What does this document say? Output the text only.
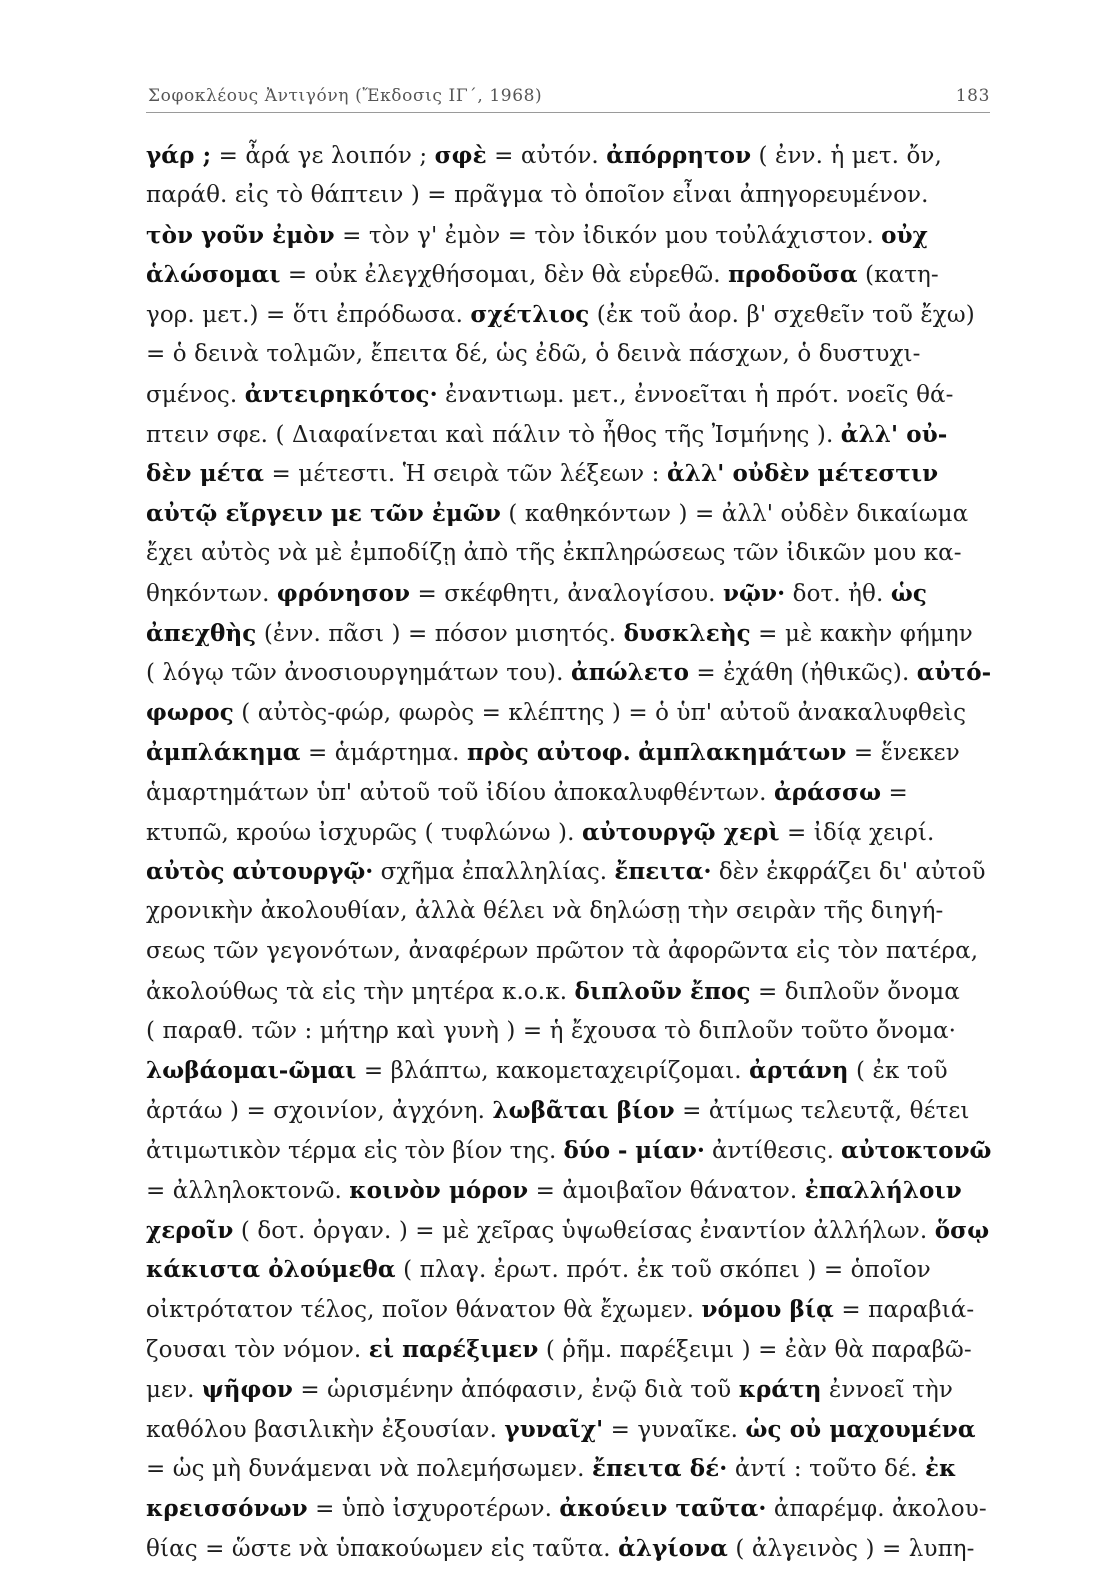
Σοφοκλέους Ἀντιγόνη (Ἔκδοσις ΙΓ΄, 1968)	183
γάρ ; = ἆρά γε λοιπόν ; σφὲ = αὐτόν. ἀπόρρητον ( ἐνν. ἡ μετ. ὄν,
παράθ. εἰς τὸ θάπτειν ) = πρᾶγμα τὸ ὁποῖον εἶναι ἀπηγορευμένον.
τὸν γοῦν ἐμὸν = τὸν γ' ἐμὸν = τὸν ἰδικόν μου τοὐλάχιστον. οὐχ
ἁλώσομαι = οὐκ ἐλεγχθήσομαι, δὲν θὰ εὑρεθῶ. προδοῦσα (κατη-
γορ. μετ.) = ὅτι ἐπρόδωσα. σχέτλιος (ἐκ τοῦ ἀορ. β' σχεθεῖν τοῦ ἔχω)
= ὁ δεινὰ τολμῶν, ἔπειτα δέ, ὡς ἐδῶ, ὁ δεινὰ πάσχων, ὁ δυστυχι-
σμένος. ἀντειρηκότος· ἐναντιωμ. μετ., ἐννοεῖται ἡ πρότ. νοεῖς θά-
πτειν σφε. ( Διαφαίνεται καὶ πάλιν τὸ ἦθος τῆς Ἰσμήνης ). ἀλλ' οὐ-
δὲν μέτα = μέτεστι. Ἡ σειρὰ τῶν λέξεων : ἀλλ' οὐδὲν μέτεστιν
αὐτῷ εἴργειν με τῶν ἐμῶν ( καθηκόντων ) = ἀλλ' οὐδὲν δικαίωμα
ἔχει αὐτὸς νὰ μὲ ἐμποδίζῃ ἀπὸ τῆς ἐκπληρώσεως τῶν ἰδικῶν μου κα-
θηκόντων. φρόνησον = σκέφθητι, ἀναλογίσου. νῷν· δοτ. ἠθ. ὡς
ἀπεχθὴς (ἐνν. πᾶσι ) = πόσον μισητός. δυσκλεὴς = μὲ κακὴν φήμην
( λόγῳ τῶν ἀνοσιουργημάτων του). ἀπώλετο = ἐχάθη (ἠθικῶς). αὐτό-
φωρος ( αὐτὸς-φώρ, φωρὸς = κλέπτης ) = ὁ ὑπ' αὐτοῦ ἀνακαλυφθεὶς
ἀμπλάκημα = ἁμάρτημα. πρὸς αὐτοφ. ἀμπλακημάτων = ἕνεκεν
ἁμαρτημάτων ὑπ' αὐτοῦ τοῦ ἰδίου ἀποκαλυφθέντων. ἀράσσω =
κτυπῶ, κρούω ἰσχυρῶς ( τυφλώνω ). αὐτουργῷ χερὶ = ἰδίᾳ χειρί.
αὐτὸς αὐτουργῷ· σχῆμα ἐπαλληλίας. ἔπειτα· δὲν ἐκφράζει δι' αὐτοῦ
χρονικὴν ἀκολουθίαν, ἀλλὰ θέλει νὰ δηλώσῃ τὴν σειρὰν τῆς διηγή-
σεως τῶν γεγονότων, ἀναφέρων πρῶτον τὰ ἀφορῶντα εἰς τὸν πατέρα,
ἀκολούθως τὰ εἰς τὴν μητέρα κ.ο.κ. διπλοῦν ἔπος = διπλοῦν ὄνομα
( παραθ. τῶν : μήτηρ καὶ γυνὴ ) = ἡ ἔχουσα τὸ διπλοῦν τοῦτο ὄνομα·
λωβάομαι-ῶμαι = βλάπτω, κακομεταχειρίζομαι. ἀρτάνη ( ἐκ τοῦ
ἀρτάω ) = σχοινίον, ἀγχόνη. λωβᾶται βίον = ἀτίμως τελευτᾷ, θέτει
ἀτιμωτικὸν τέρμα εἰς τὸν βίον της. δύο - μίαν· ἀντίθεσις. αὐτοκτονῶ
= ἀλληλοκτονῶ. κοινὸν μόρον = ἀμοιβαῖον θάνατον. ἐπαλλήλοιν
χεροῖν ( δοτ. ὀργαν. ) = μὲ χεῖρας ὑψωθείσας ἐναντίον ἀλλήλων. ὅσῳ
κάκιστα ὀλούμεθα ( πλαγ. ἐρωτ. πρότ. ἐκ τοῦ σκόπει ) = ὁποῖον
οἰκτρότατον τέλος, ποῖον θάνατον θὰ ἔχωμεν. νόμου βίᾳ = παραβιά-
ζουσαι τὸν νόμον. εἰ παρέξιμεν ( ῥῆμ. παρέξειμι ) = ἐὰν θὰ παραβῶ-
μεν. ψῆφον = ὡρισμένην ἀπόφασιν, ἐνῷ διὰ τοῦ κράτη ἐννοεῖ τὴν
καθόλου βασιλικὴν ἐξουσίαν. γυναῖχ' = γυναῖκε. ὡς οὐ μαχουμένα
= ὡς μὴ δυνάμεναι νὰ πολεμήσωμεν. ἔπειτα δέ· ἀντί : τοῦτο δέ. ἐκ
κρεισσόνων = ὑπὸ ἰσχυροτέρων. ἀκούειν ταῦτα· ἀπαρέμφ. ἀκολου-
θίας = ὥστε νὰ ὑπακούωμεν εἰς ταῦτα. ἀλγίονα ( ἀλγεινὸς ) = λυπη-
